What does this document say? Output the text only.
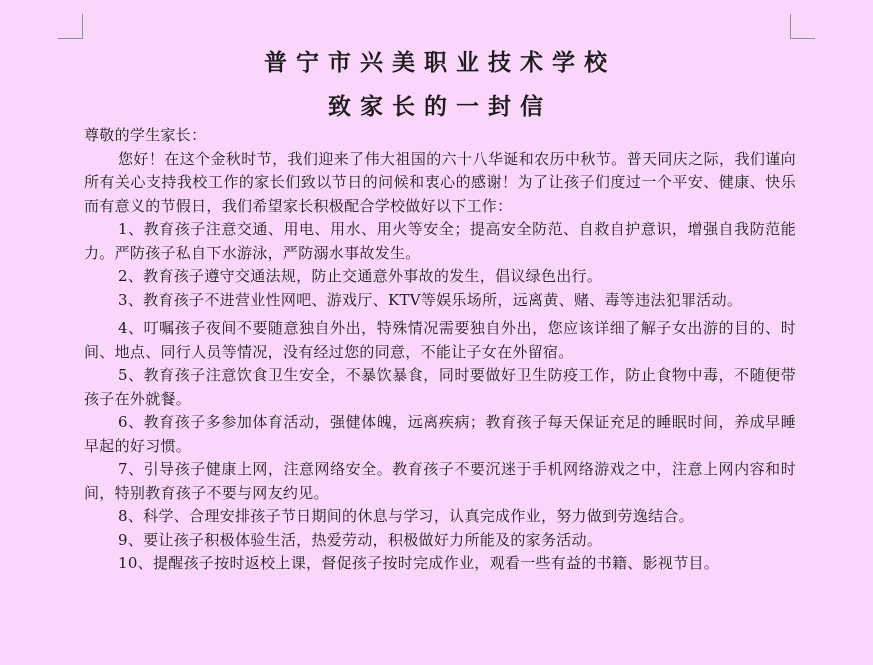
普宁市兴美职业技术学校
致家长的一封信

尊敬的学生家长：

您好！在这个金秋时节，我们迎来了伟大祖国的六十八华诞和农历中秋节。普天同庆之际，我们谨向所有关心支持我校工作的家长们致以节日的问候和衷心的感谢！为了让孩子们度过一个平安、健康、快乐而有意义的节假日，我们希望家长积极配合学校做好以下工作：

1、教育孩子注意交通、用电、用水、用火等安全；提高安全防范、自救自护意识，增强自我防范能力。严防孩子私自下水游泳，严防溺水事故发生。

2、教育孩子遵守交通法规，防止交通意外事故的发生，倡议绿色出行。

3、教育孩子不进营业性网吧、游戏厅、KTV等娱乐场所，远离黄、赌、毒等违法犯罪活动。

4、叮嘱孩子夜间不要随意独自外出，特殊情况需要独自外出，您应该详细了解子女出游的目的、时间、地点、同行人员等情况，没有经过您的同意，不能让子女在外留宿。

5、教育孩子注意饮食卫生安全，不暴饮暴食，同时要做好卫生防疫工作，防止食物中毒，不随便带孩子在外就餐。

6、教育孩子多参加体育活动，强健体魄，远离疾病；教育孩子每天保证充足的睡眠时间，养成早睡早起的好习惯。

7、引导孩子健康上网，注意网络安全。教育孩子不要沉迷于手机网络游戏之中，注意上网内容和时间，特别教育孩子不要与网友约见。

8、科学、合理安排孩子节日期间的休息与学习，认真完成作业，努力做到劳逸结合。

9、要让孩子积极体验生活，热爱劳动，积极做好力所能及的家务活动。

10、提醒孩子按时返校上课，督促孩子按时完成作业，观看一些有益的书籍、影视节目。
